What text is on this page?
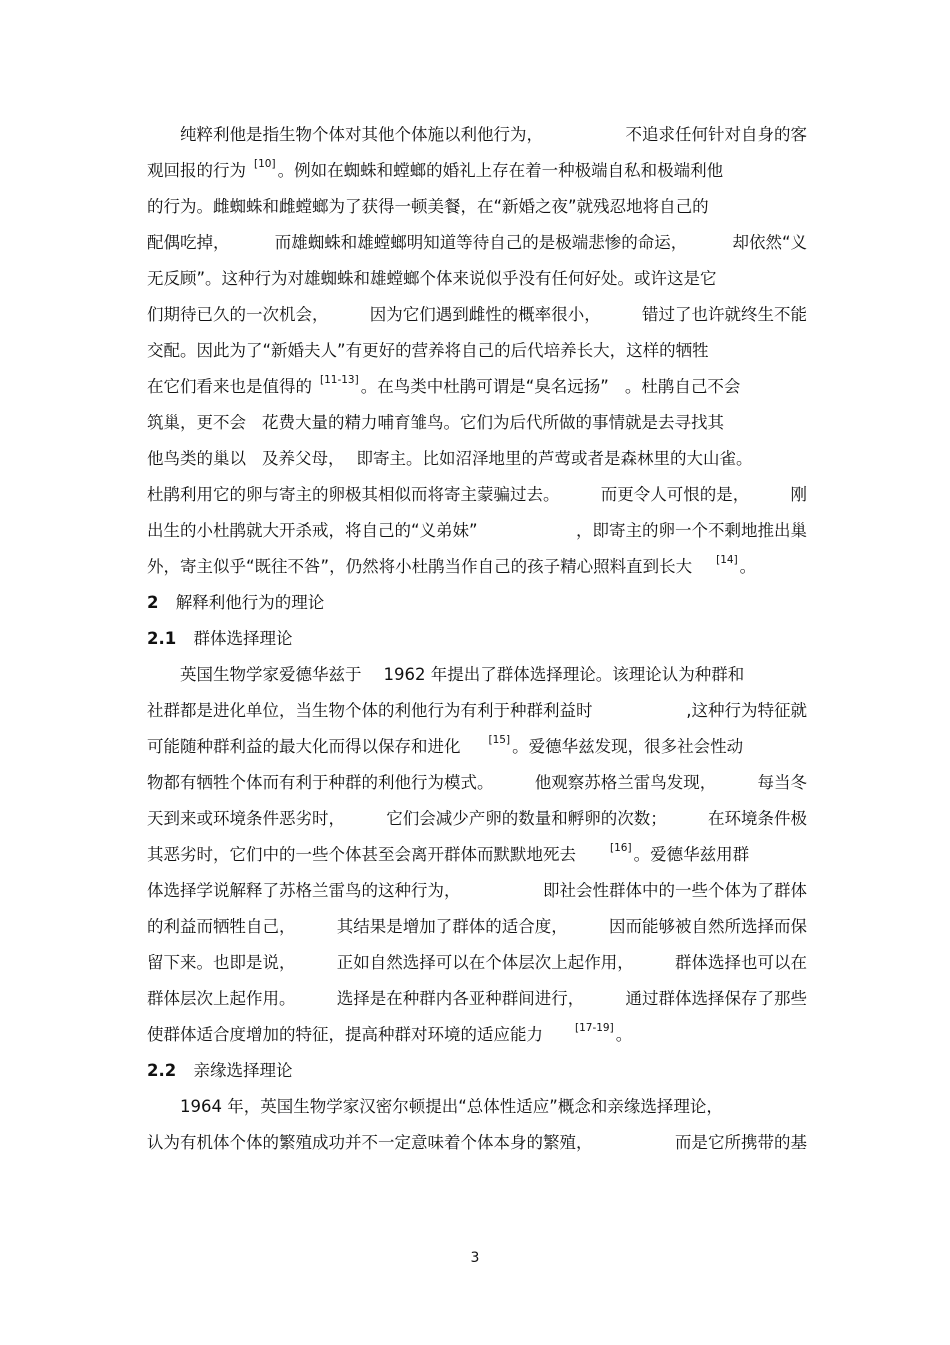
纯粹利他是指生物个体对其他个体施以利他行为，	不追求任何针对自身的客
观回报的行为 [10] 。例如在蜘蛛和螳螂的婚礼上存在着一种极端自私和极端利他
的行为。雌蜘蛛和雌螳螂为了获得一顿美餐，在“新婚之夜”就残忍地将自己的
配偶吃掉，	而雄蜘蛛和雄螳螂明知道等待自己的是极端悲惨的命运，	却依然“义
无反顾”。这种行为对雄蜘蛛和雄螳螂个体来说似乎没有任何好处。或许这是它
们期待已久的一次机会，	因为它们遇到雌性的概率很小，	错过了也许就终生不能
交配。因此为了“新婚夫人”有更好的营养将自己的后代培养长大，这样的牺牲
在它们看来也是值得的 [11-13] 。在鸟类中杜鹃可谓是“臭名远扬” 。杜鹃自己不会
筑巢，更不会 花费大量的精力哺育雏鸟。它们为后代所做的事情就是去寻找其
他鸟类的巢以 及养父母， 即寄主。比如沼泽地里的芦莺或者是森林里的大山雀。
杜鹃利用它的卵与寄主的卵极其相似而将寄主蒙骗过去。	而更令人可恨的是，	刚
出生的小杜鹃就大开杀戒，将自己的“义弟妹”	，即寄主的卵一个不剩地推出巢
外，寄主似乎“既往不咎”，仍然将小杜鹃当作自己的孩子精心照料直到长大 [14] 。
2 解释利他行为的理论
2.1 群体选择理论
英国生物学家爱德华兹于 1962 年提出了群体选择理论。该理论认为种群和
社群都是进化单位，当生物个体的利他行为有利于种群利益时	,这种行为特征就
可能随种群利益的最大化而得以保存和进化	[15] 。爱德华兹发现，很多社会性动
物都有牺牲个体而有利于种群的利他行为模式。	他观察苏格兰雷鸟发现，	每当冬
天到来或环境条件恶劣时，	它们会减少产卵的数量和孵卵的次数；	在环境条件极
其恶劣时，它们中的一些个体甚至会离开群体而默默地死去	[16] 。爱德华兹用群
体选择学说解释了苏格兰雷鸟的这种行为，	即社会性群体中的一些个体为了群体
的利益而牺牲自己，	其结果是增加了群体的适合度，	因而能够被自然所选择而保
留下来。也即是说，	正如自然选择可以在个体层次上起作用，	群体选择也可以在
群体层次上起作用。	选择是在种群内各亚种群间进行，	通过群体选择保存了那些
使群体适合度增加的特征，提高种群对环境的适应能力	[17-19] 。
2.2 亲缘选择理论
1964 年，英国生物学家汉密尔顿提出“总体性适应”概念和亲缘选择理论，
认为有机体个体的繁殖成功并不一定意味着个体本身的繁殖，	而是它所携带的基
3
